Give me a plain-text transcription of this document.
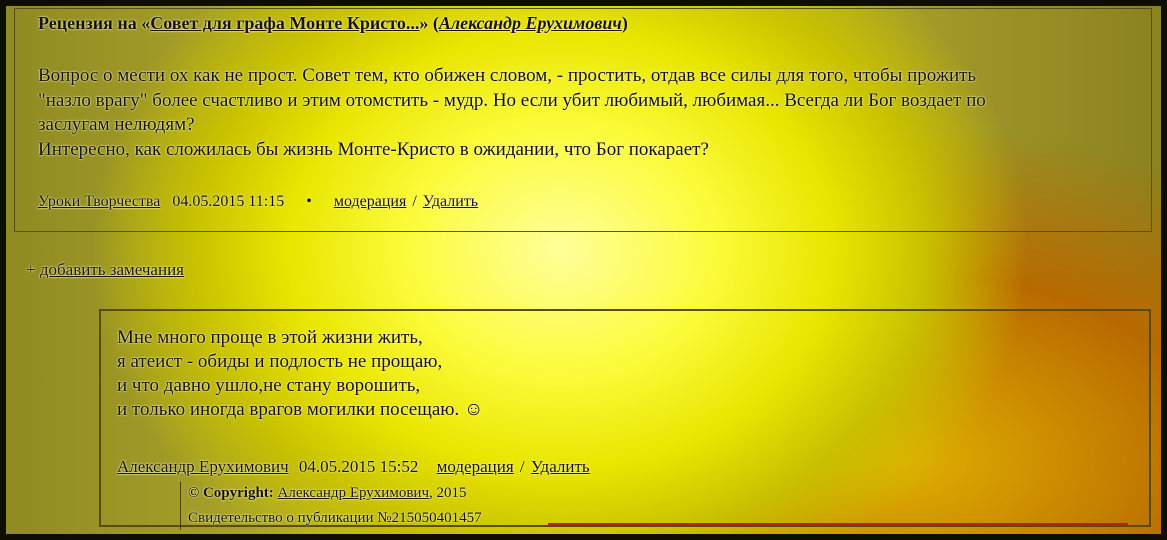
Рецензия на «Совет для графа Монте Кристо...» (Александр Ерухимович)
Вопрос о мести ох как не прост. Совет тем, кто обижен словом, - простить, отдав все силы для того, чтобы прожить
"назло врагу" более счастливо и этим отомстить - мудр. Но если убит любимый, любимая... Всегда ли Бог воздает по
заслугам нелюдям?
Интересно, как сложилась бы жизнь Монте-Кристо в ожидании, что Бог покарает?
Уроки Творчества 04.05.2015 11:15 • модерация / Удалить
+ добавить замечания
Мне много проще в этой жизни жить,
я атеист - обиды и подлость не прощаю,
и что давно ушло,не стану ворошить,
и только иногда врагов могилки посещаю. ☺
Александр Ерухимович 04.05.2015 15:52 модерация / Удалить
© Copyright: Александр Ерухимович, 2015
Свидетельство о публикации №215050401457
